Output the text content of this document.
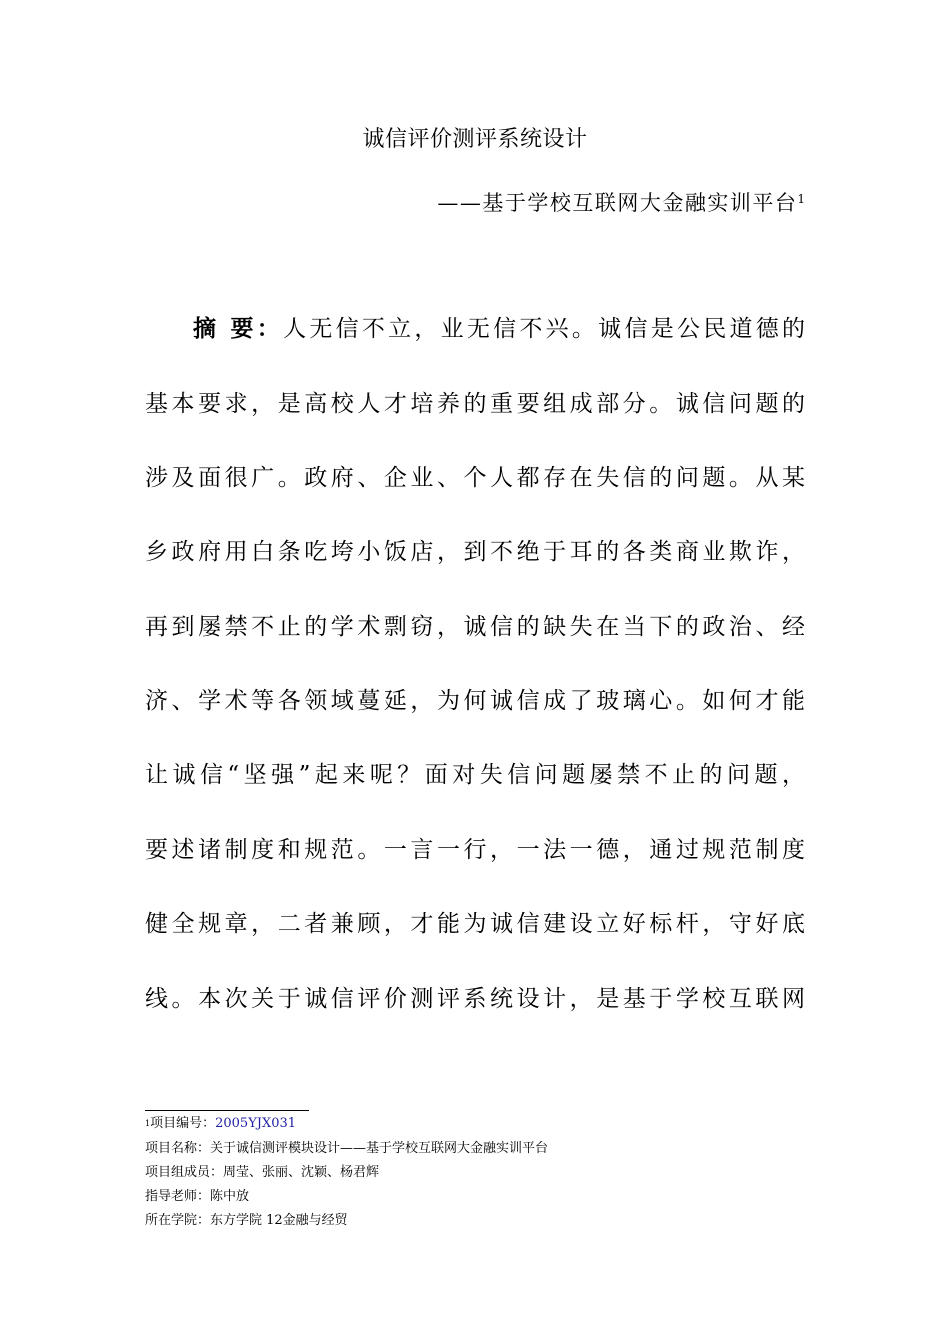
诚信评价测评系统设计
——基于学校互联网大金融实训平台$^1$
摘 要：人无信不立，业无信不兴。诚信是公民道德的
基本要求，是高校人才培养的重要组成部分。诚信问题的
涉及面很广。政府、企业、个人都存在失信的问题。从某
乡政府用白条吃垮小饭店，到不绝于耳的各类商业欺诈，
再到屡禁不止的学术剽窃，诚信的缺失在当下的政治、经
济、学术等各领域蔓延，为何诚信成了玻璃心。如何才能
让诚信“坚强”起来呢？面对失信问题屡禁不止的问题，
要述诸制度和规范。一言一行，一法一德，通过规范制度
健全规章，二者兼顾，才能为诚信建设立好标杆，守好底
线。本次关于诚信评价测评系统设计，是基于学校互联网
$^1$项目编号：2005YJX031
项目名称：关于诚信测评模块设计——基于学校互联网大金融实训平台
项目组成员：周莹、张丽、沈颖、杨君辉
指导老师：陈中放
所在学院：东方学院 12金融与经贸
